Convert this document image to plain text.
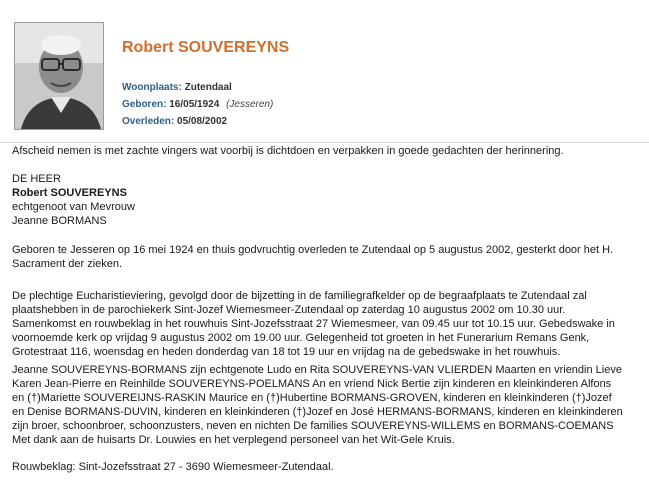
Robert SOUVEREYNS
Woonplaats: Zutendaal
Geboren: 16/05/1924 (Jesseren)
Overleden: 05/08/2002

Afscheid nemen is met zachte vingers wat voorbij is dichtdoen en verpakken in goede gedachten der herinnering.

DE HEER
Robert SOUVEREYNS
echtgenoot van Mevrouw
Jeanne BORMANS

Geboren te Jesseren op 16 mei 1924 en thuis godvruchtig overleden te Zutendaal op 5 augustus 2002, gesterkt door het H. Sacrament der zieken.

De plechtige Eucharistieviering, gevolgd door de bijzetting in de familiegrafkelder op de begraafplaats te Zutendaal zal plaatshebben in de parochiekerk Sint-Jozef Wiemesmeer-Zutendaal op zaterdag 10 augustus 2002 om 10.30 uur. Samenkomst en rouwbeklag in het rouwhuis Sint-Jozefsstraat 27 Wiemesmeer, van 09.45 uur tot 10.15 uur. Gebedswake in voornoemde kerk op vrijdag 9 augustus 2002 om 19.00 uur. Gelegenheid tot groeten in het Funerarium Remans Genk, Grotestraat 116, woensdag en heden donderdag van 18 tot 19 uur en vrijdag na de gebedswake in het rouwhuis.

Jeanne SOUVEREYNS-BORMANS zijn echtgenote Ludo en Rita SOUVEREYNS-VAN VLIERDEN Maarten en vriendin Lieve Karen Jean-Pierre en Reinhilde SOUVEREYNS-POELMANS An en vriend Nick Bertie zijn kinderen en kleinkinderen Alfons en (†)Mariette SOUVEREIJNS-RASKIN Maurice en (†)Hubertine BORMANS-GROVEN, kinderen en kleinkinderen (†)Jozef en Denise BORMANS-DUVIN, kinderen en kleinkinderen (†)Jozef en José HERMANS-BORMANS, kinderen en kleinkinderen zijn broer, schoonbroer, schoonzusters, neven en nichten De families SOUVEREYNS-WILLEMS en BORMANS-COEMANS Met dank aan de huisarts Dr. Louwies en het verplegend personeel van het Wit-Gele Kruis.

Rouwbeklag: Sint-Jozefsstraat 27 - 3690 Wiemesmeer-Zutendaal.
